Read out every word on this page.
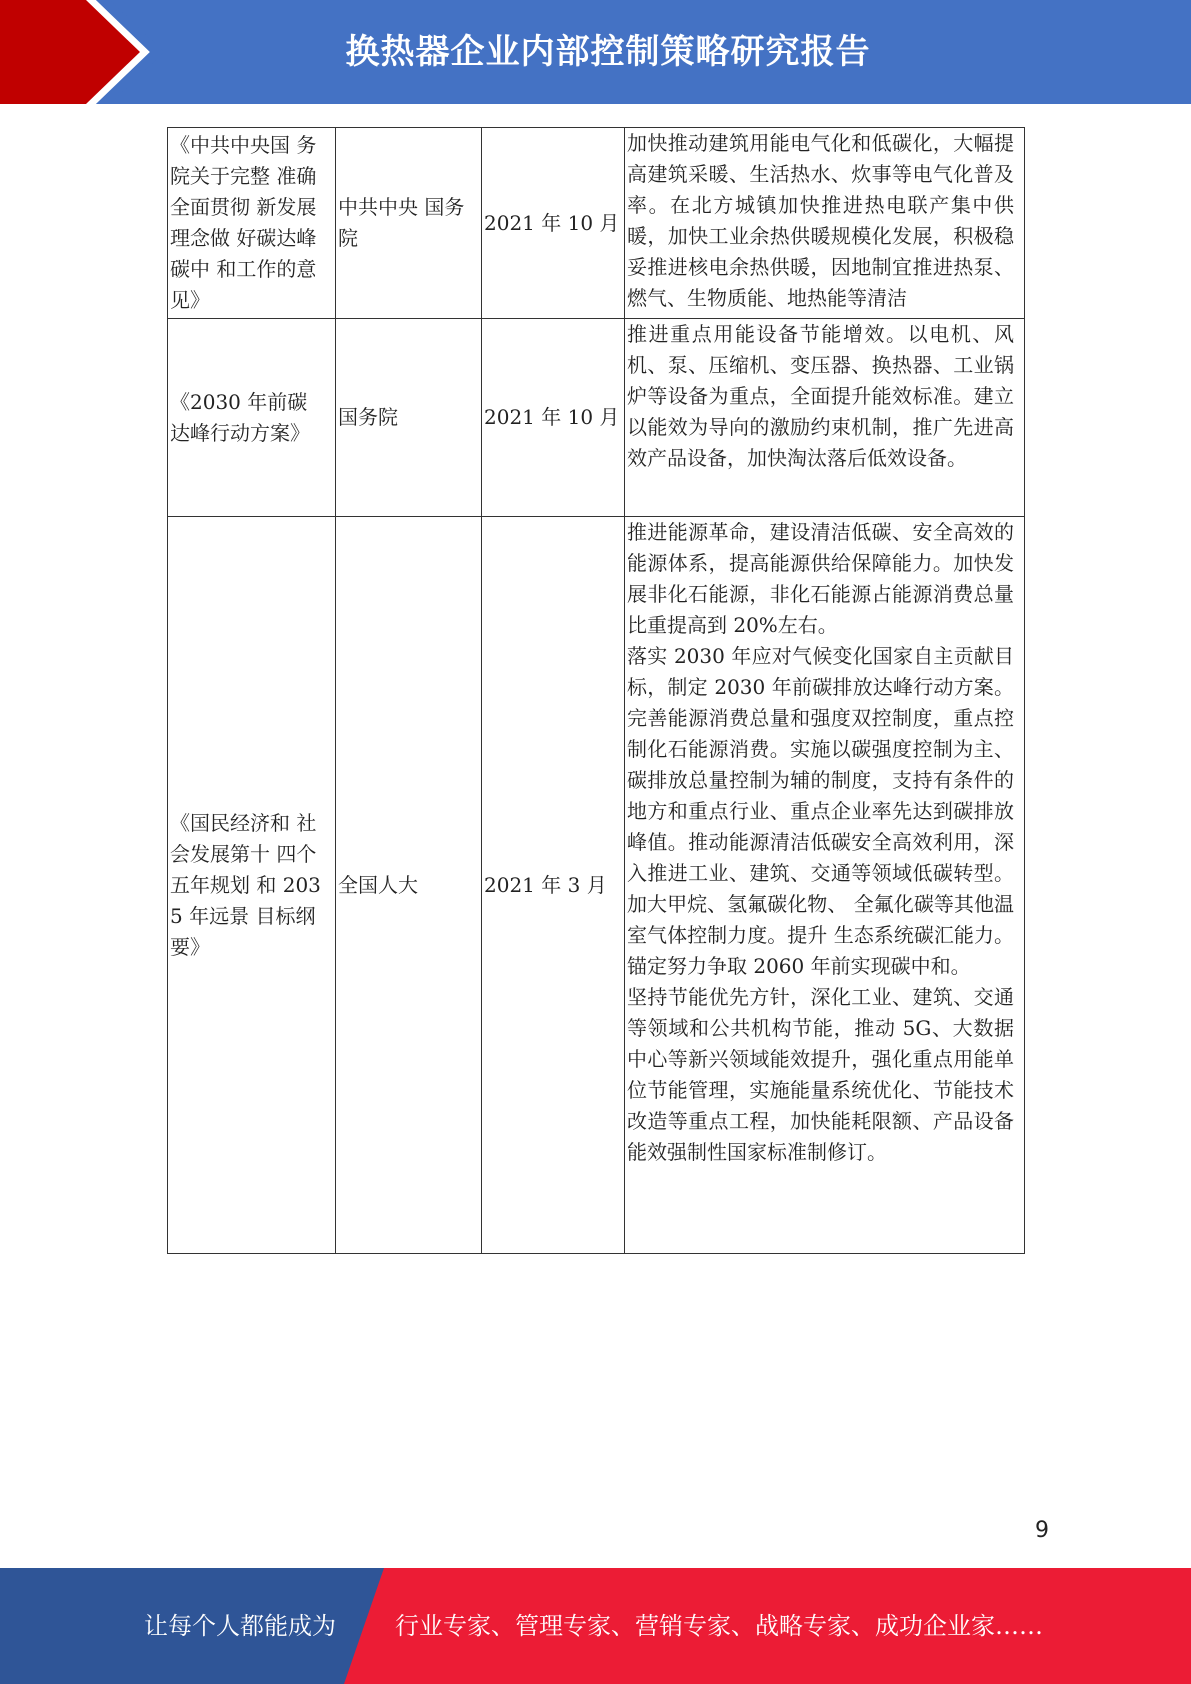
换热器企业内部控制策略研究报告
《中共中央国 务院关于完整 准确全面贯彻 新发展理念做 好碳达峰碳中 和工作的意见》	中共中央 国务院	2021 年 10 月	加快推动建筑用能电气化和低碳化，大幅提高建筑采暖、生活热水、炊事等电气化普及率。在北方城镇加快推进热电联产集中供暖，加快工业余热供暖规模化发展，积极稳妥推进核电余热供暖，因地制宜推进热泵、燃气、生物质能、地热能等清洁

《2030 年前碳 达峰行动方案》	国务院	2021 年 10 月	推进重点用能设备节能增效。以电机、风机、泵、压缩机、变压器、换热器、工业锅炉等设备为重点，全面提升能效标准。建立以能效为导向的激励约束机制，推广先进高效产品设备，加快淘汰落后低效设备。

《国民经济和 社会发展第十 四个五年规划 和 2035 年远景 目标纲要》	全国人大	2021 年 3 月	推进能源革命，建设清洁低碳、安全高效的能源体系，提高能源供给保障能力。加快发展非化石能源，非化石能源占能源消费总量比重提高到 20%左右。
落实 2030 年应对气候变化国家自主贡献目标，制定 2030 年前碳排放达峰行动方案。完善能源消费总量和强度双控制度，重点控制化石能源消费。实施以碳强度控制为主、碳排放总量控制为辅的制度，支持有条件的地方和重点行业、重点企业率先达到碳排放峰值。推动能源清洁低碳安全高效利用，深入推进工业、建筑、交通等领域低碳转型。加大甲烷、氢氟碳化物、 全氟化碳等其他温室气体控制力度。提升 生态系统碳汇能力。锚定努力争取 2060 年前实现碳中和。
坚持节能优先方针，深化工业、建筑、交通等领域和公共机构节能，推动 5G、大数据中心等新兴领域能效提升，强化重点用能单位节能管理，实施能量系统优化、节能技术改造等重点工程，加快能耗限额、产品设备能效强制性国家标准制修订。
9
让每个人都能成为	行业专家、管理专家、营销专家、战略专家、成功企业家……
